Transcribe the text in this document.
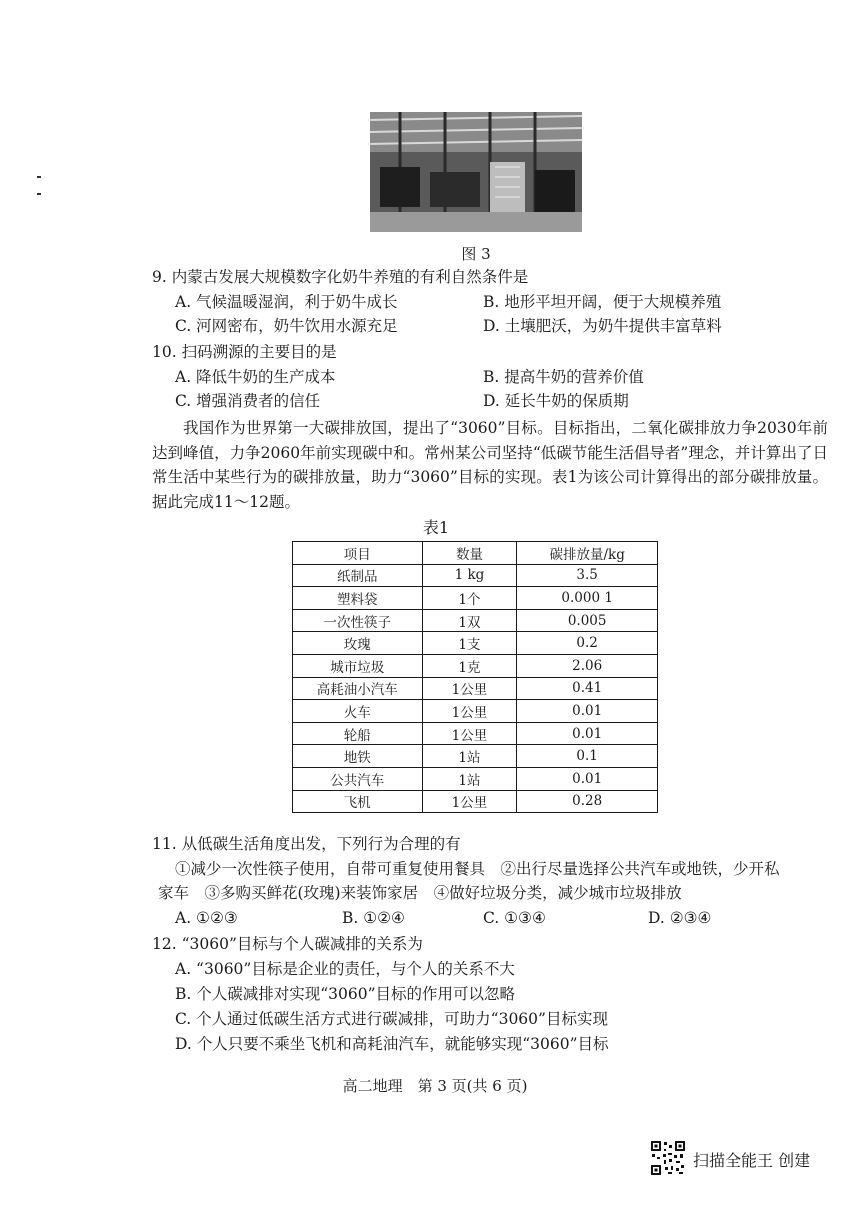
图 3
9. 内蒙古发展大规模数字化奶牛养殖的有利自然条件是
A. 气候温暖湿润，利于奶牛成长	B. 地形平坦开阔，便于大规模养殖
C. 河网密布，奶牛饮用水源充足	D. 土壤肥沃，为奶牛提供丰富草料
10. 扫码溯源的主要目的是
A. 降低牛奶的生产成本	B. 提高牛奶的营养价值
C. 增强消费者的信任	D. 延长牛奶的保质期

我国作为世界第一大碳排放国，提出了“3060”目标。目标指出，二氧化碳排放力争2030年前达到峰值，力争2060年前实现碳中和。常州某公司坚持“低碳节能生活倡导者”理念，并计算出了日常生活中某些行为的碳排放量，助力“3060”目标的实现。表1为该公司计算得出的部分碳排放量。据此完成11～12题。

表1
项目	数量	碳排放量/kg
纸制品	1 kg	3.5
塑料袋	1个	0.000 1
一次性筷子	1双	0.005
玫瑰	1支	0.2
城市垃圾	1克	2.06
高耗油小汽车	1公里	0.41
火车	1公里	0.01
轮船	1公里	0.01
地铁	1站	0.1
公共汽车	1站	0.01
飞机	1公里	0.28
11. 从低碳生活角度出发，下列行为合理的有
①减少一次性筷子使用，自带可重复使用餐具　②出行尽量选择公共汽车或地铁，少开私
家车　③多购买鲜花(玫瑰)来装饰家居　④做好垃圾分类，减少城市垃圾排放
A. ①②③	B. ①②④	C. ①③④	D. ②③④
12. “3060”目标与个人碳减排的关系为
A. “3060”目标是企业的责任，与个人的关系不大
B. 个人碳减排对实现“3060”目标的作用可以忽略
C. 个人通过低碳生活方式进行碳减排，可助力“3060”目标实现
D. 个人只要不乘坐飞机和高耗油汽车，就能够实现“3060”目标
高二地理　第 3 页(共 6 页)
扫描全能王 创建
